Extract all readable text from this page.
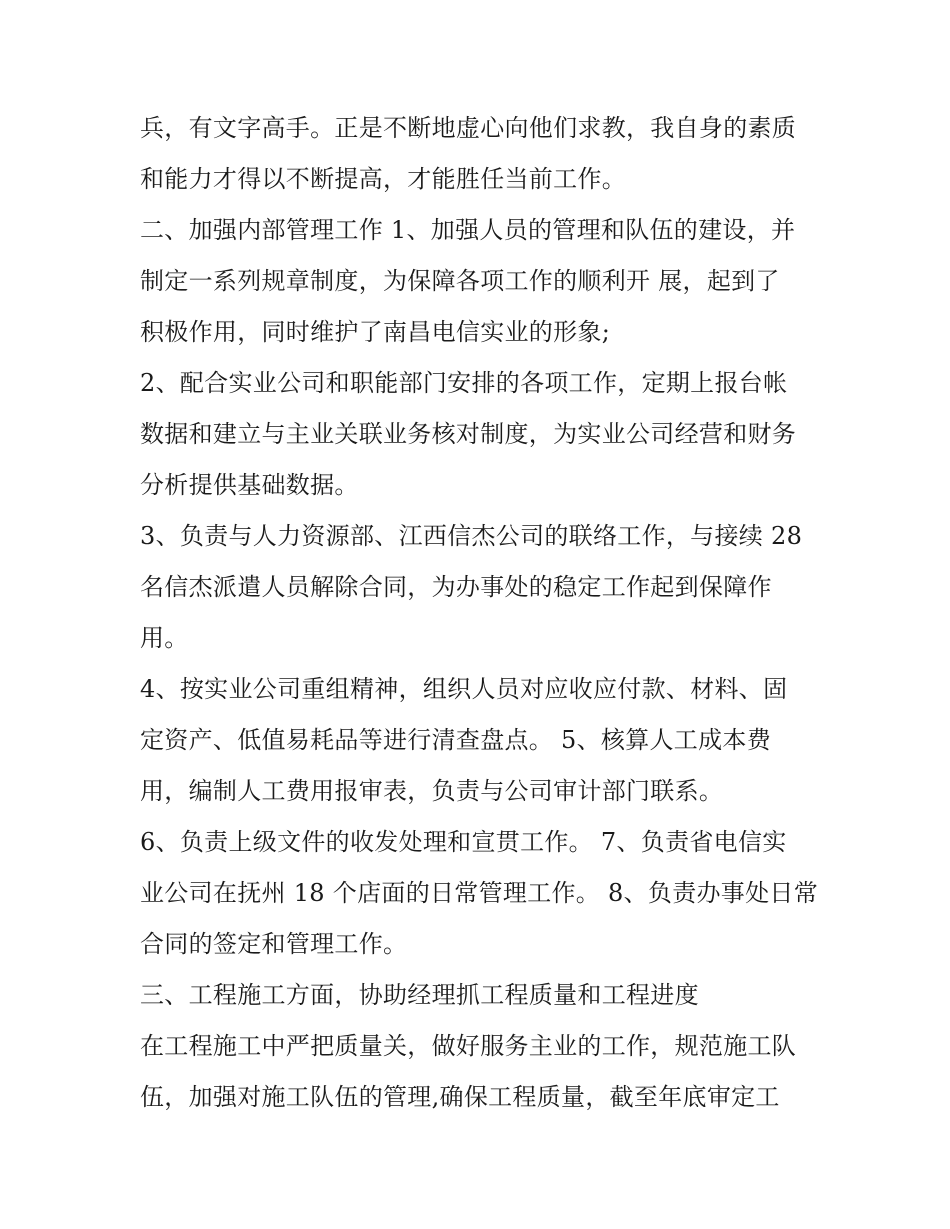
兵，有文字高手。正是不断地虚心向他们求教，我自身的素质
和能力才得以不断提高，才能胜任当前工作。
二、加强内部管理工作 1、加强人员的管理和队伍的建设，并
制定一系列规章制度，为保障各项工作的顺利开 展，起到了
积极作用，同时维护了南昌电信实业的形象;
2、配合实业公司和职能部门安排的各项工作，定期上报台帐
数据和建立与主业关联业务核对制度，为实业公司经营和财务
分析提供基础数据。
3、负责与人力资源部、江西信杰公司的联络工作，与接续 28
名信杰派遣人员解除合同，为办事处的稳定工作起到保障作
用。
4、按实业公司重组精神，组织人员对应收应付款、材料、固
定资产、低值易耗品等进行清查盘点。 5、核算人工成本费
用，编制人工费用报审表，负责与公司审计部门联系。
6、负责上级文件的收发处理和宣贯工作。 7、负责省电信实
业公司在抚州 18 个店面的日常管理工作。 8、负责办事处日常
合同的签定和管理工作。
三、工程施工方面，协助经理抓工程质量和工程进度
在工程施工中严把质量关，做好服务主业的工作，规范施工队
伍，加强对施工队伍的管理,确保工程质量，截至年底审定工
